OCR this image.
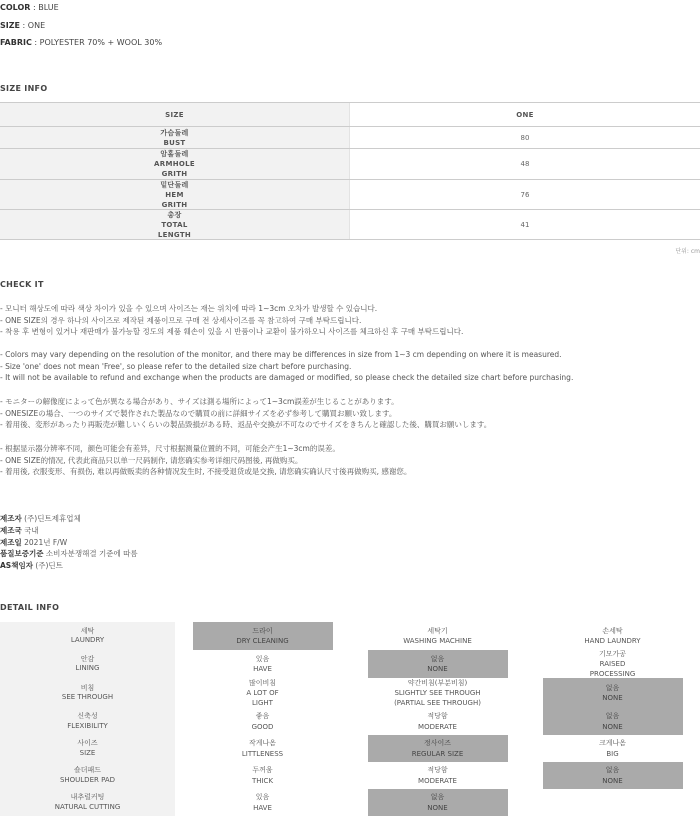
COLOR : BLUE
SIZE : ONE
FABRIC : POLYESTER 70% + WOOL 30%
SIZE INFO
SIZE	ONE
가슴둘레
BUST
80
암홀둘레
ARMHOLE
GRITH
48
밑단둘레
HEM
GRITH
76
총장
TOTAL
LENGTH
41
단위: cm
CHECK IT
- 모니터 해상도에 따라 색상 차이가 있을 수 있으며 사이즈는 재는 위치에 따라 1~3cm 오차가 발생할 수 있습니다.
- ONE SIZE의 경우 하나의 사이즈로 제작된 제품이므로 구매 전 상세사이즈를 꼭 참고하여 구매 부탁드립니다.
- 착용 후 변형이 있거나 재판매가 불가능할 정도의 제품 훼손이 있을 시 반품이나 교환이 불가하오니 사이즈를 체크하신 후 구매 부탁드립니다.
- Colors may vary depending on the resolution of the monitor, and there may be differences in size from 1~3 cm depending on where it is measured.
- Size 'one' does not mean 'Free', so please refer to the detailed size chart before purchasing.
- It will not be available to refund and exchange when the products are damaged or modified, so please check the detailed size chart before purchasing.
- モニターの解像度によって色が異なる場合があり、サイズは測る場所によって1~3cm誤差が生じることがあります。
- ONESIZEの場合、一つのサイズで製作された製品なので購買の前に詳細サイズを必ず参考して購買お願い致します。
- 着用後、変形があったり再販売が難しいくらいの製品毀損がある時、返品や交換が不可なのでサイズをきちんと確認した後、購買お願いします。
- 根据显示器分辨率不同，颜色可能会有差异，尺寸根据测量位置的不同，可能会产生1~3cm的误差。
- ONE SIZE的情况, 代表此商品只以单一尺码制作, 请您确实参考详细尺码图後, 再做购买。
- 着用後, 衣服变形、有损伤, 难以再做贩卖的各种情况发生时, 不接受退货或是交换, 请您确实确认尺寸後再做购买, 感谢您。
제조자 (주)딘트제휴업체
제조국 국내
제조일 2021년 F/W
품질보증기준 소비자분쟁해결 기준에 따름
AS책임자 (주)딘트
DETAIL INFO
세탁
LAUNDRY
드라이
DRY CLEANING
세탁기
WASHING MACHINE
손세탁
HAND LAUNDRY
안감
LINING
있음
HAVE
없음
NONE
기모가공
RAISED
PROCESSING
비침
SEE THROUGH
많이비침
A LOT OF
LIGHT
약간비침(부분비침)
SLIGHTLY SEE THROUGH
(PARTIAL SEE THROUGH)
없음
NONE
신축성
FLEXIBILITY
좋음
GOOD
적당함
MODERATE
없음
NONE
사이즈
SIZE
작게나옴
LITTLENESS
정사이즈
REGULAR SIZE
크게나옴
BIG
숄더패드
SHOULDER PAD
두꺼움
THICK
적당함
MODERATE
없음
NONE
내추럴커팅
NATURAL CUTTING
있음
HAVE
없음
NONE
